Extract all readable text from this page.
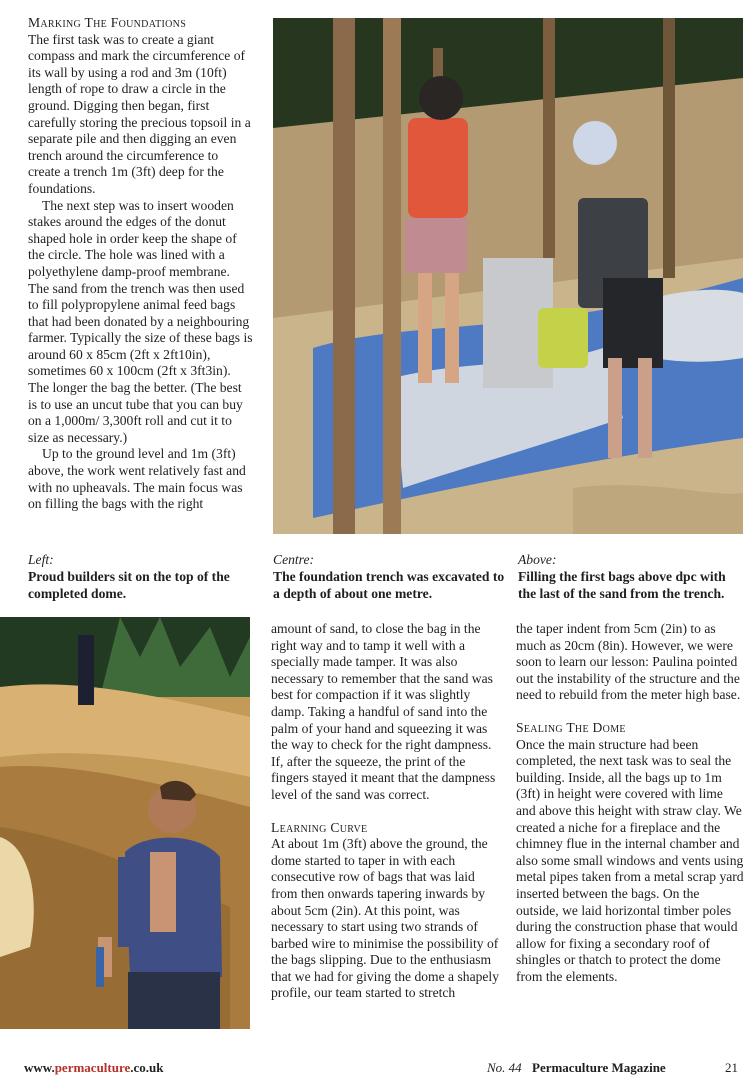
Marking The Foundations

The first task was to create a giant compass and mark the circumference of its wall by using a rod and 3m (10ft) length of rope to draw a circle in the ground. Digging then began, first carefully storing the precious topsoil in a separate pile and then digging an even trench around the circumference to create a trench 1m (3ft) deep for the foundations.

The next step was to insert wooden stakes around the edges of the donut shaped hole in order keep the shape of the circle. The hole was lined with a polyethylene damp-proof membrane. The sand from the trench was then used to fill polypropylene animal feed bags that had been donated by a neighbouring farmer. Typically the size of these bags is around 60 x 85cm (2ft x 2ft10in), sometimes 60 x 100cm (2ft x 3ft3in). The longer the bag the better. (The best is to use an uncut tube that you can buy on a 1,000m/ 3,300ft roll and cut it to size as necessary.)

Up to the ground level and 1m (3ft) above, the work went relatively fast and with no upheavals. The main focus was on filling the bags with the right

Left:
Proud builders sit on the top of the completed dome.
Centre:
The foundation trench was excavated to a depth of about one metre.
Above:
Filling the first bags above dpc with the last of the sand from the trench.

amount of sand, to close the bag in the right way and to tamp it well with a specially made tamper. It was also necessary to remember that the sand was best for compaction if it was slightly damp. Taking a handful of sand into the palm of your hand and squeezing it was the way to check for the right dampness. If, after the squeeze, the print of the fingers stayed it meant that the dampness level of the sand was correct.

Learning Curve

At about 1m (3ft) above the ground, the dome started to taper in with each consecutive row of bags that was laid from then onwards tapering inwards by about 5cm (2in). At this point, was necessary to start using two strands of barbed wire to minimise the possibility of the bags slipping. Due to the enthusiasm that we had for giving the dome a shapely profile, our team started to stretch

the taper indent from 5cm (2in) to as much as 20cm (8in). However, we were soon to learn our lesson: Paulina pointed out the instability of the structure and the need to rebuild from the meter high base.

Sealing The Dome

Once the main structure had been completed, the next task was to seal the building. Inside, all the bags up to 1m (3ft) in height were covered with lime and above this height with straw clay. We created a niche for a fireplace and the chimney flue in the internal chamber and also some small windows and vents using metal pipes taken from a metal scrap yard inserted between the bags. On the outside, we laid horizontal timber poles during the construction phase that would allow for fixing a secondary roof of shingles or thatch to protect the dome from the elements.

www.permaculture.co.uk	No. 44 Permaculture Magazine	21
